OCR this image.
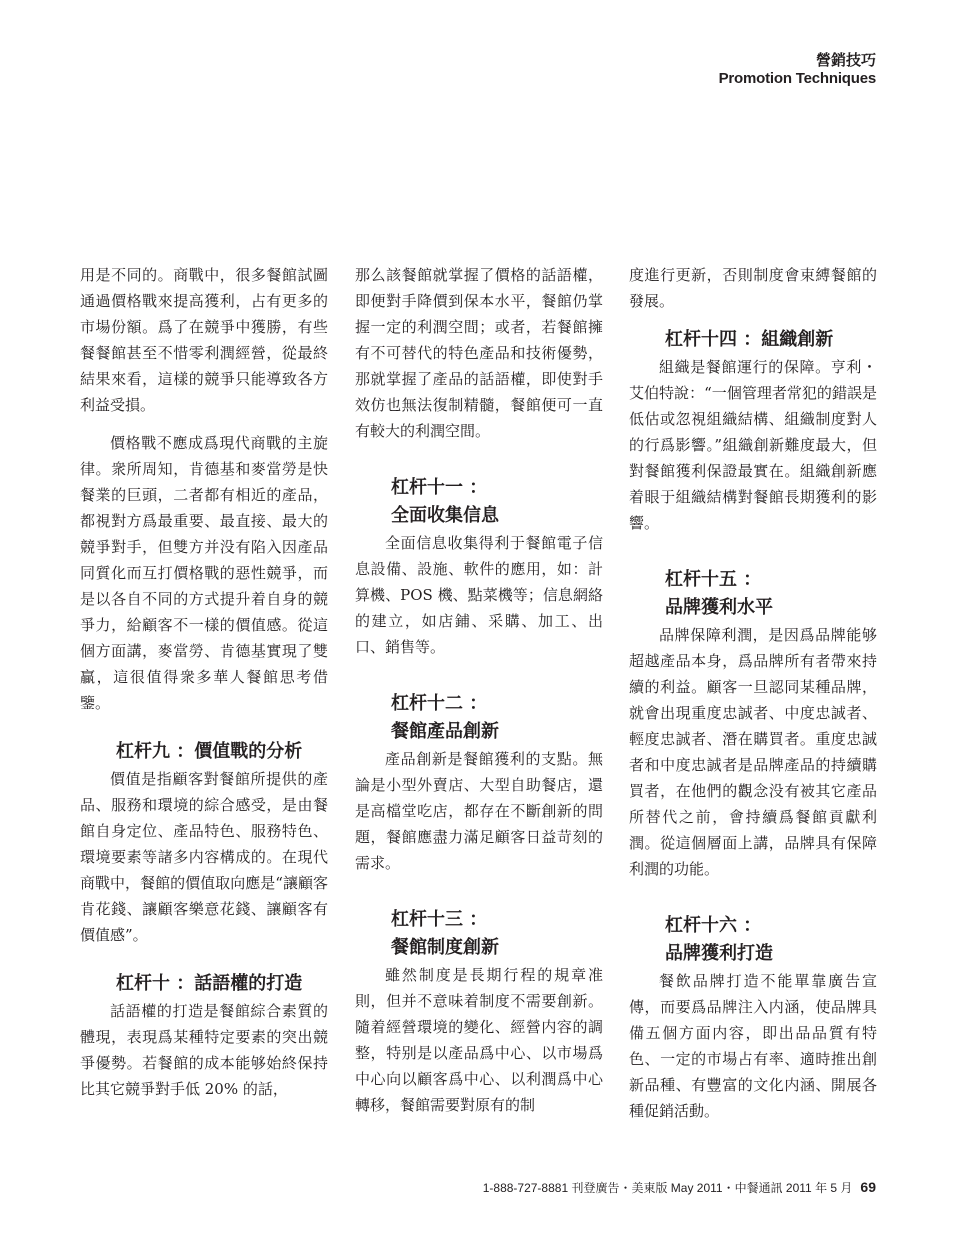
營銷技巧
Promotion Techniques

用是不同的。商戰中，很多餐館試圖通過價格戰來提高獲利，占有更多的市場份額。爲了在競爭中獲勝，有些餐餐館甚至不惜零利潤經營，從最終結果來看，這樣的競爭只能導致各方利益受損。

價格戰不應成爲現代商戰的主旋律。衆所周知，肯德基和麥當勞是快餐業的巨頭，二者都有相近的產品，都視對方爲最重要、最直接、最大的競爭對手，但雙方并没有陷入因產品同質化而互打價格戰的惡性競爭，而是以各自不同的方式提升着自身的競爭力，給顧客不一樣的價值感。從這個方面講，麥當勞、肯德基實現了雙贏，這很值得衆多華人餐館思考借鑒。

杠杆九 ：價值戰的分析

價值是指顧客對餐館所提供的產品、服務和環境的綜合感受，是由餐館自身定位、產品特色、服務特色、環境要素等諸多内容構成的。在現代商戰中，餐館的價值取向應是“讓顧客肯花錢、讓顧客樂意花錢、讓顧客有價值感”。

杠杆十 ：話語權的打造

話語權的打造是餐館綜合素質的體現，表現爲某種特定要素的突出競爭優勢。若餐館的成本能够始終保持比其它競爭對手低 20% 的話，

那么該餐館就掌握了價格的話語權，即便對手降價到保本水平，餐館仍掌握一定的利潤空間；或者，若餐館擁有不可替代的特色產品和技術優勢，那就掌握了產品的話語權，即使對手效仿也無法復制精髓，餐館便可一直有較大的利潤空間。

杠杆十一 ：
全面收集信息

全面信息收集得利于餐館電子信息設備、設施、軟件的應用，如：計算機、POS 機、點菜機等；信息網絡的建立，如店鋪、采購、加工、出口、銷售等。

杠杆十二 ：
餐館產品創新

產品創新是餐館獲利的支點。無論是小型外賣店、大型自助餐店，還是高檔堂吃店，都存在不斷創新的問題，餐館應盡力滿足顧客日益苛刻的需求。

杠杆十三 ：
餐館制度創新

雖然制度是長期行程的規章准則，但并不意味着制度不需要創新。隨着經營環境的變化、經營内容的調整，特别是以產品爲中心、以市場爲中心向以顧客爲中心、以利潤爲中心轉移，餐館需要對原有的制

度進行更新，否則制度會束縛餐館的發展。

杠杆十四 ：組織創新

組織是餐館運行的保障。亨利・艾伯特說：“一個管理者常犯的錯誤是低估或忽視組織結構、組織制度對人的行爲影響。”組織創新難度最大，但對餐館獲利保證最實在。組織創新應着眼于組織結構對餐館長期獲利的影響。

杠杆十五 ：
品牌獲利水平

品牌保障利潤，是因爲品牌能够超越產品本身，爲品牌所有者帶來持續的利益。顧客一旦認同某種品牌，就會出現重度忠誠者、中度忠誠者、輕度忠誠者、潛在購買者。重度忠誠者和中度忠誠者是品牌產品的持續購買者，在他們的觀念没有被其它產品所替代之前，會持續爲餐館貢獻利潤。從這個層面上講，品牌具有保障利潤的功能。

杠杆十六 ：
品牌獲利打造

餐飲品牌打造不能單靠廣告宣傳，而要爲品牌注入内涵，使品牌具備五個方面内容，即出品品質有特色、一定的市場占有率、適時推出創新品種、有豐富的文化内涵、開展各種促銷活動。

1-888-727-8881 刊登廣告・美東版 May 2011・中餐通訊 2011 年 5 月 69
